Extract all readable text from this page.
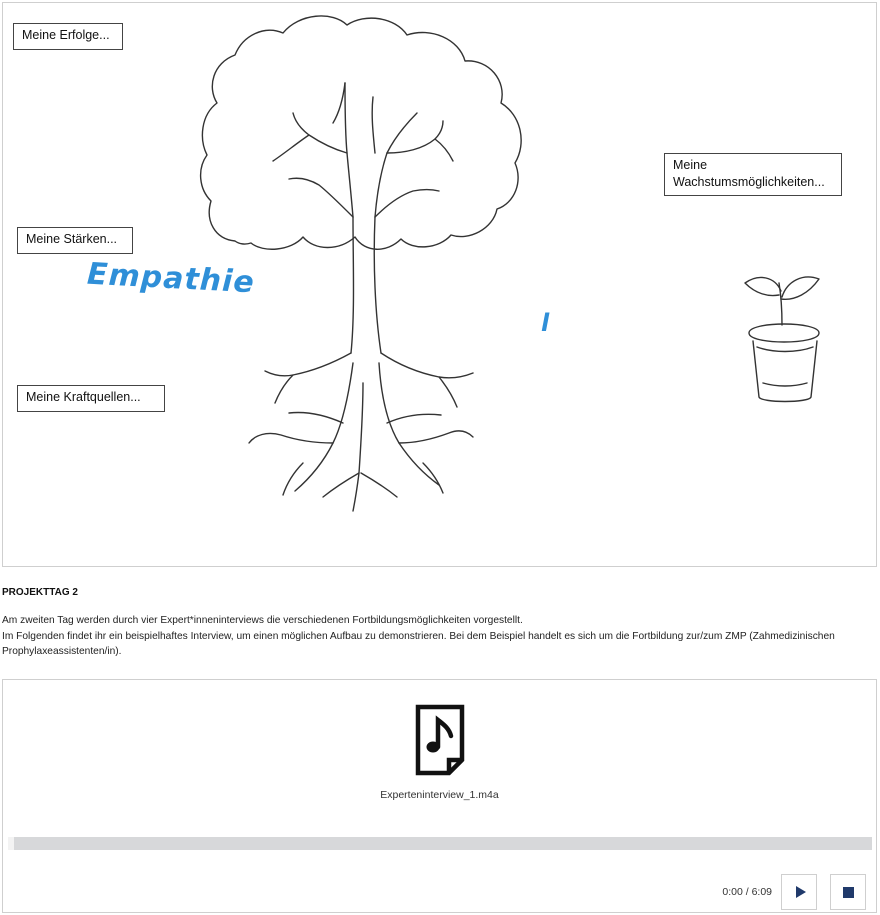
Meine Erfolge...
Meine
Wachstumsmöglichkeiten...
Meine Stärken...
Meine Kraftquellen...
Empathie
l
PROJEKTTAG 2

Am zweiten Tag werden durch vier Expert*inneninterviews die verschiedenen Fortbildungsmöglichkeiten vorgestellt.

Im Folgenden findet ihr ein beispielhaftes Interview, um einen möglichen Aufbau zu demonstrieren. Bei dem Beispiel handelt es sich um die Fortbildung zur/zum ZMP (Zahmedizinischen Prophylaxeassistenten/in).

Experteninterview_1.m4a
0:00 / 6:09
